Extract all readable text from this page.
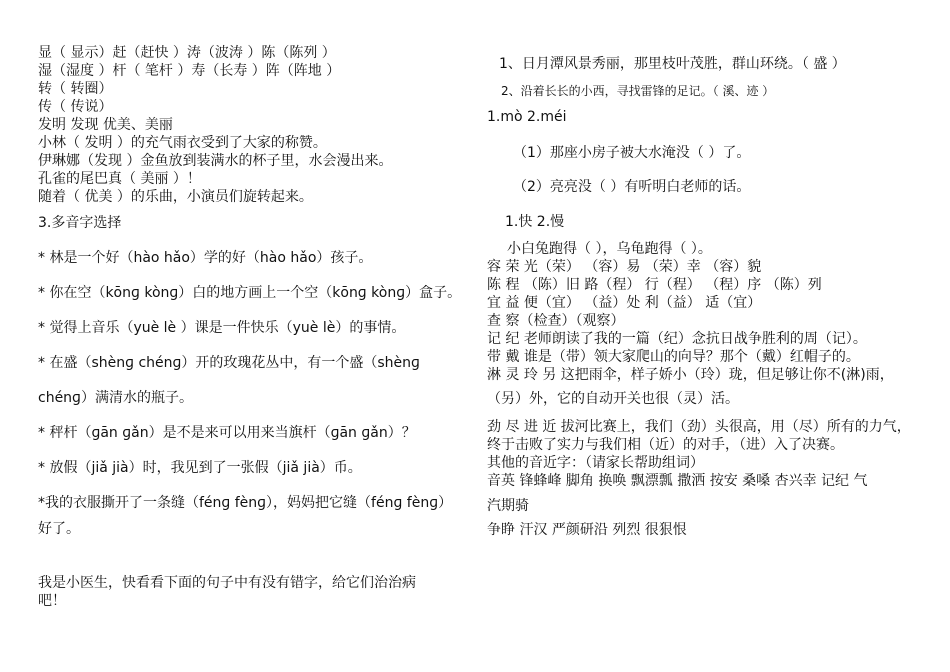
显（ 显示）赶（赶快 ）涛（波涛 ）陈（陈列 ）
湿（湿度 ）杆（ 笔杆 ）寿（长寿 ）阵（阵地 ）
转（ 转圈）
传（ 传说）
发明 发现 优美、美丽
小林（ 发明 ）的充气雨衣受到了大家的称赞。
伊琳娜（发现 ）金鱼放到装满水的杯子里，水会漫出来。
孔雀的尾巴真（ 美丽 ）！
随着（ 优美 ）的乐曲，小演员们旋转起来。
3.多音字选择
* 林是一个好（hào hǎo）学的好（hào hǎo）孩子。
* 你在空（kōnɡ kònɡ）白的地方画上一个空（kōnɡ kònɡ）盒子。
* 觉得上音乐（yuè lè ）课是一件快乐（yuè lè）的事情。
* 在盛（shènɡ chénɡ）开的玫瑰花丛中，有一个盛（shènɡ
chénɡ）满清水的瓶子。
* 秤杆（ɡān ɡǎn）是不是来可以用来当旗杆（ɡān ɡǎn）？
* 放假（jiǎ jià）时，我见到了一张假（jiǎ jià）币。
*我的衣服撕开了一条缝（fénɡ fènɡ），妈妈把它缝（fénɡ fènɡ）
好了。
我是小医生，快看看下面的句子中有没有错字，给它们治治病
吧！
1、日月潭风景秀丽，那里枝叶茂胜，群山环绕。（ 盛 ）
2、沿着长长的小西，寻找雷锋的足记。（ 溪、迹 ）
1.mò 2.méi
（1）那座小房子被大水淹没（ ）了。
（2）亮亮没（ ）有听明白老师的话。
1.快 2.慢
小白兔跑得（ ），乌龟跑得（ ）。
容 荣 光（荣） （容）易 （荣）幸 （容）貌
陈 程 （陈）旧 路（程） 行（程） （程）序 （陈）列
宜 益 便（宜） （益）处 利（益） 适（宜）
查 察（检查）（观察）
记 纪 老师朗读了我的一篇（纪）念抗日战争胜利的周（记）。
带 戴 谁是（带）领大家爬山的向导？那个（戴）红帽子的。
淋 灵 玲 另 这把雨伞，样子娇小（玲）珑，但足够让你不(淋)雨，
（另）外，它的自动开关也很（灵）活。
劲 尽 进 近 拔河比赛上，我们（劲）头很高，用（尽）所有的力气，
终于击败了实力与我们相（近）的对手，（进）入了决赛。
其他的音近字：（请家长帮助组词）
音英 锋蜂峰 脚角 换唤 飘漂瓢 撒洒 按安 桑嗓 杏兴幸 记纪 气
汽期骑
争睁 汗汉 严颜研沿 列烈 很狠恨
